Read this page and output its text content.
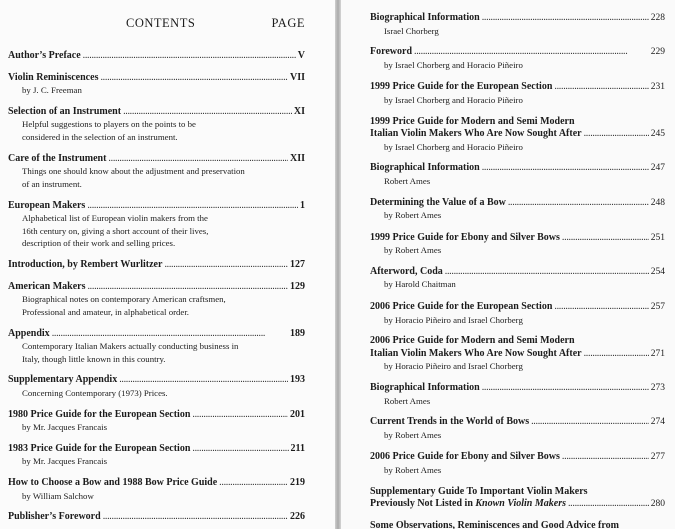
CONTENTS	PAGE
Author’s Preface . . .	V
Violin Reminiscences . . .	VII
by J. C. Freeman
Selection of an Instrument . . .	XI
Helpful suggestions to players on the points to be
considered in the selection of an instrument.
Care of the Instrument . . .	XII
Things one should know about the adjustment and preservation
of an instrument.
European Makers . . .	1
Alphabetical list of European violin makers from the
16th century on, giving a short account of their lives,
description of their work and selling prices.
Introduction, by Rembert Wurlitzer . . .	127
American Makers . . .	129
Biographical notes on contemporary American craftsmen,
Professional and amateur, in alphabetical order.
Appendix . . .	189
Contemporary Italian Makers actually conducting business in
Italy, though little known in this country.
Supplementary Appendix . . .	193
Concerning Contemporary (1973) Prices.
1980 Price Guide for the European Section . . .	201
by Mr. Jacques Francais
1983 Price Guide for the European Section . . .	211
by Mr. Jacques Francais
How to Choose a Bow and 1988 Bow Price Guide . . .	219
by William Salchow
Publisher’s Foreword . . .	226
Biographical Information . . .	228
Israel Chorberg
Foreword . . .	229
by Israel Chorberg and Horacio Piñeiro
1999 Price Guide for the European Section . . .	231
by Israel Chorberg and Horacio Piñeiro
1999 Price Guide for Modern and Semi Modern
Italian Violin Makers Who Are Now Sought After . . .	245
by Israel Chorberg and Horacio Piñeiro
Biographical Information . . .	247
Robert Ames
Determining the Value of a Bow . . .	248
by Robert Ames
1999 Price Guide for Ebony and Silver Bows . . .	251
by Robert Ames
Afterword, Coda . . .	254
by Harold Chaitman
2006 Price Guide for the European Section . . .	257
by Horacio Piñeiro and Israel Chorberg
2006 Price Guide for Modern and Semi Modern
Italian Violin Makers Who Are Now Sought After . . .	271
by Horacio Piñeiro and Israel Chorberg
Biographical Information . . .	273
Robert Ames
Current Trends in the World of Bows . . .	274
by Robert Ames
2006 Price Guide for Ebony and Silver Bows . . .	277
by Robert Ames
Supplementary Guide To Important Violin Makers
Previously Not Listed in Known Violin Makers . . .	280
Some Observations, Reminiscences and Good Advice from
